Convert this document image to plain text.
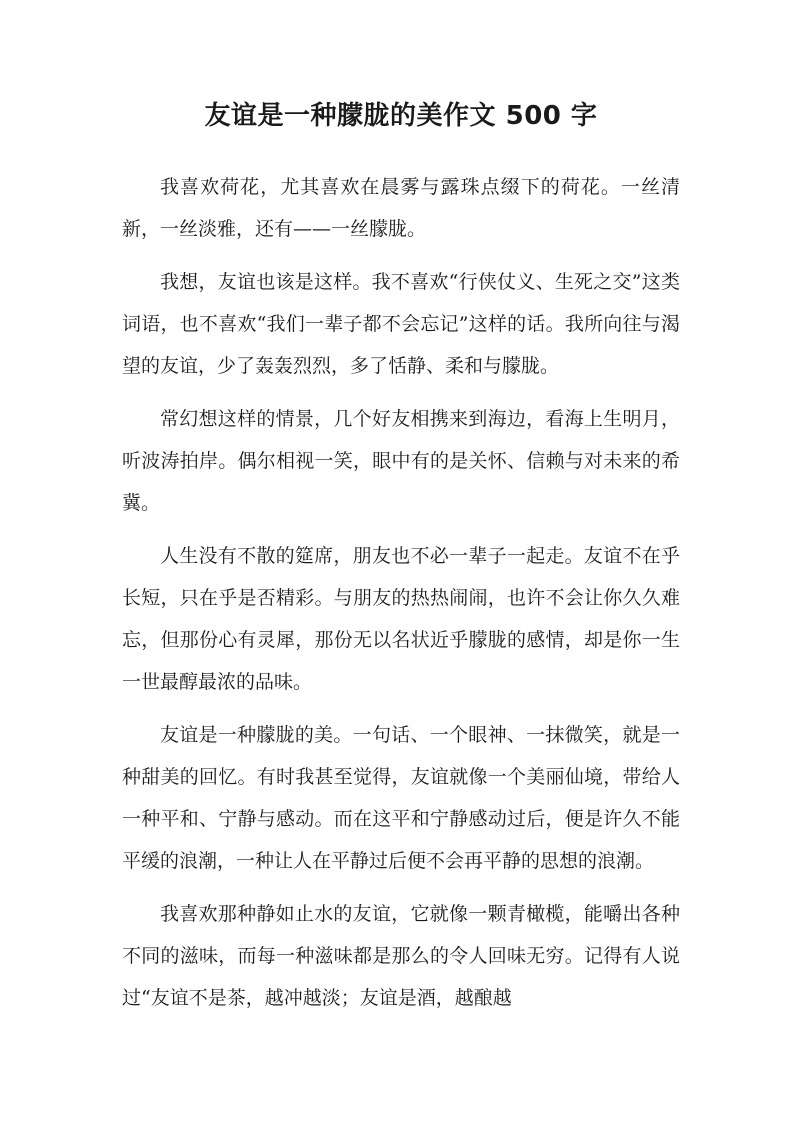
友谊是一种朦胧的美作文 500 字

我喜欢荷花，尤其喜欢在晨雾与露珠点缀下的荷花。一丝清新，一丝淡雅，还有——一丝朦胧。

我想，友谊也该是这样。我不喜欢“行侠仗义、生死之交”这类词语，也不喜欢“我们一辈子都不会忘记”这样的话。我所向往与渴望的友谊，少了轰轰烈烈，多了恬静、柔和与朦胧。

常幻想这样的情景，几个好友相携来到海边，看海上生明月，听波涛拍岸。偶尔相视一笑，眼中有的是关怀、信赖与对未来的希冀。

人生没有不散的筵席，朋友也不必一辈子一起走。友谊不在乎长短，只在乎是否精彩。与朋友的热热闹闹，也许不会让你久久难忘，但那份心有灵犀，那份无以名状近乎朦胧的感情，却是你一生一世最醇最浓的品味。

友谊是一种朦胧的美。一句话、一个眼神、一抹微笑，就是一种甜美的回忆。有时我甚至觉得，友谊就像一个美丽仙境，带给人一种平和、宁静与感动。而在这平和宁静感动过后，便是许久不能平缓的浪潮，一种让人在平静过后便不会再平静的思想的浪潮。

我喜欢那种静如止水的友谊，它就像一颗青橄榄，能嚼出各种不同的滋味，而每一种滋味都是那么的令人回味无穷。记得有人说过“友谊不是茶，越冲越淡；友谊是酒，越酿越
